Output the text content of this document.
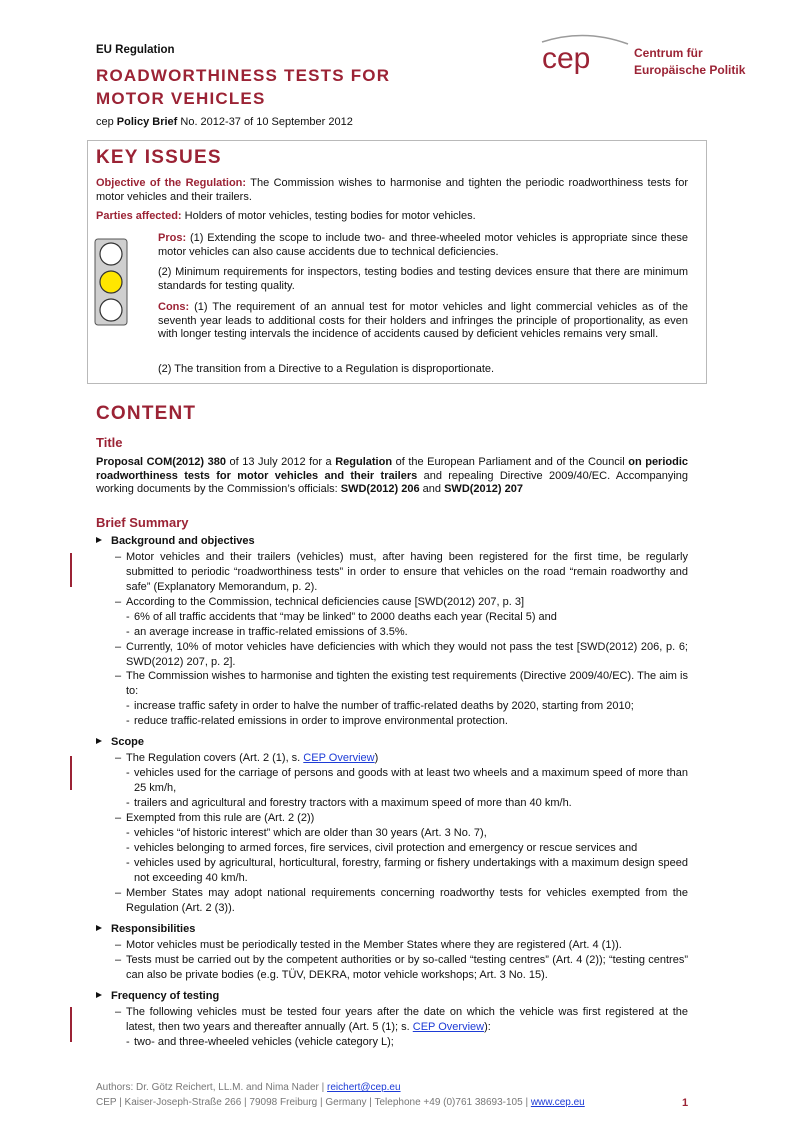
EU Regulation
ROADWORTHINESS TESTS FOR
MOTOR VEHICLES
cep Policy Brief No. 2012-37 of 10 September 2012
cep	Centrum für
Europäische Politik
KEY ISSUES
Objective of the Regulation: The Commission wishes to harmonise and tighten the periodic roadworthiness tests for motor vehicles and their trailers.
Parties affected: Holders of motor vehicles, testing bodies for motor vehicles.
Pros: (1) Extending the scope to include two- and three-wheeled motor vehicles is appropriate since these motor vehicles can also cause accidents due to technical deficiencies.
(2) Minimum requirements for inspectors, testing bodies and testing devices ensure that there are minimum standards for testing quality.
Cons: (1) The requirement of an annual test for motor vehicles and light commercial vehicles as of the seventh year leads to additional costs for their holders and infringes the principle of proportionality, as even with longer testing intervals the incidence of accidents caused by deficient vehicles remains very small.
(2) The transition from a Directive to a Regulation is disproportionate.
CONTENT
Title
Proposal COM(2012) 380 of 13 July 2012 for a Regulation of the European Parliament and of the Council on periodic roadworthiness tests for motor vehicles and their trailers and repealing Directive 2009/40/EC. Accompanying working documents by the Commission’s officials: SWD(2012) 206 and SWD(2012) 207
Brief Summary
Background and objectives
– Motor vehicles and their trailers (vehicles) must, after having been registered for the first time, be regularly submitted to periodic “roadworthiness tests” in order to ensure that vehicles on the road “remain roadworthy and safe” (Explanatory Memorandum, p. 2).
– According to the Commission, technical deficiencies cause [SWD(2012) 207, p. 3]
- 6% of all traffic accidents that “may be linked” to 2000 deaths each year (Recital 5) and
- an average increase in traffic-related emissions of 3.5%.
– Currently, 10% of motor vehicles have deficiencies with which they would not pass the test [SWD(2012) 206, p. 6; SWD(2012) 207, p. 2].
– The Commission wishes to harmonise and tighten the existing test requirements (Directive 2009/40/EC). The aim is to:
- increase traffic safety in order to halve the number of traffic-related deaths by 2020, starting from 2010;
- reduce traffic-related emissions in order to improve environmental protection.
Scope
– The Regulation covers (Art. 2 (1), s. CEP Overview)
- vehicles used for the carriage of persons and goods with at least two wheels and a maximum speed of more than 25 km/h,
- trailers and agricultural and forestry tractors with a maximum speed of more than 40 km/h.
– Exempted from this rule are (Art. 2 (2))
- vehicles “of historic interest” which are older than 30 years (Art. 3 No. 7),
- vehicles belonging to armed forces, fire services, civil protection and emergency or rescue services and
- vehicles used by agricultural, horticultural, forestry, farming or fishery undertakings with a maximum design speed not exceeding 40 km/h.
– Member States may adopt national requirements concerning roadworthy tests for vehicles exempted from the Regulation (Art. 2 (3)).
Responsibilities
– Motor vehicles must be periodically tested in the Member States where they are registered (Art. 4 (1)).
– Tests must be carried out by the competent authorities or by so-called “testing centres” (Art. 4 (2)); “testing centres” can also be private bodies (e.g. TÜV, DEKRA, motor vehicle workshops; Art. 3 No. 15).
Frequency of testing
– The following vehicles must be tested four years after the date on which the vehicle was first registered at the latest, then two years and thereafter annually (Art. 5 (1); s. CEP Overview):
- two- and three-wheeled vehicles (vehicle category L);
Authors: Dr. Götz Reichert, LL.M. and Nima Nader | reichert@cep.eu
CEP | Kaiser-Joseph-Straße 266 | 79098 Freiburg | Germany | Telephone +49 (0)761 38693-105 | www.cep.eu	1
